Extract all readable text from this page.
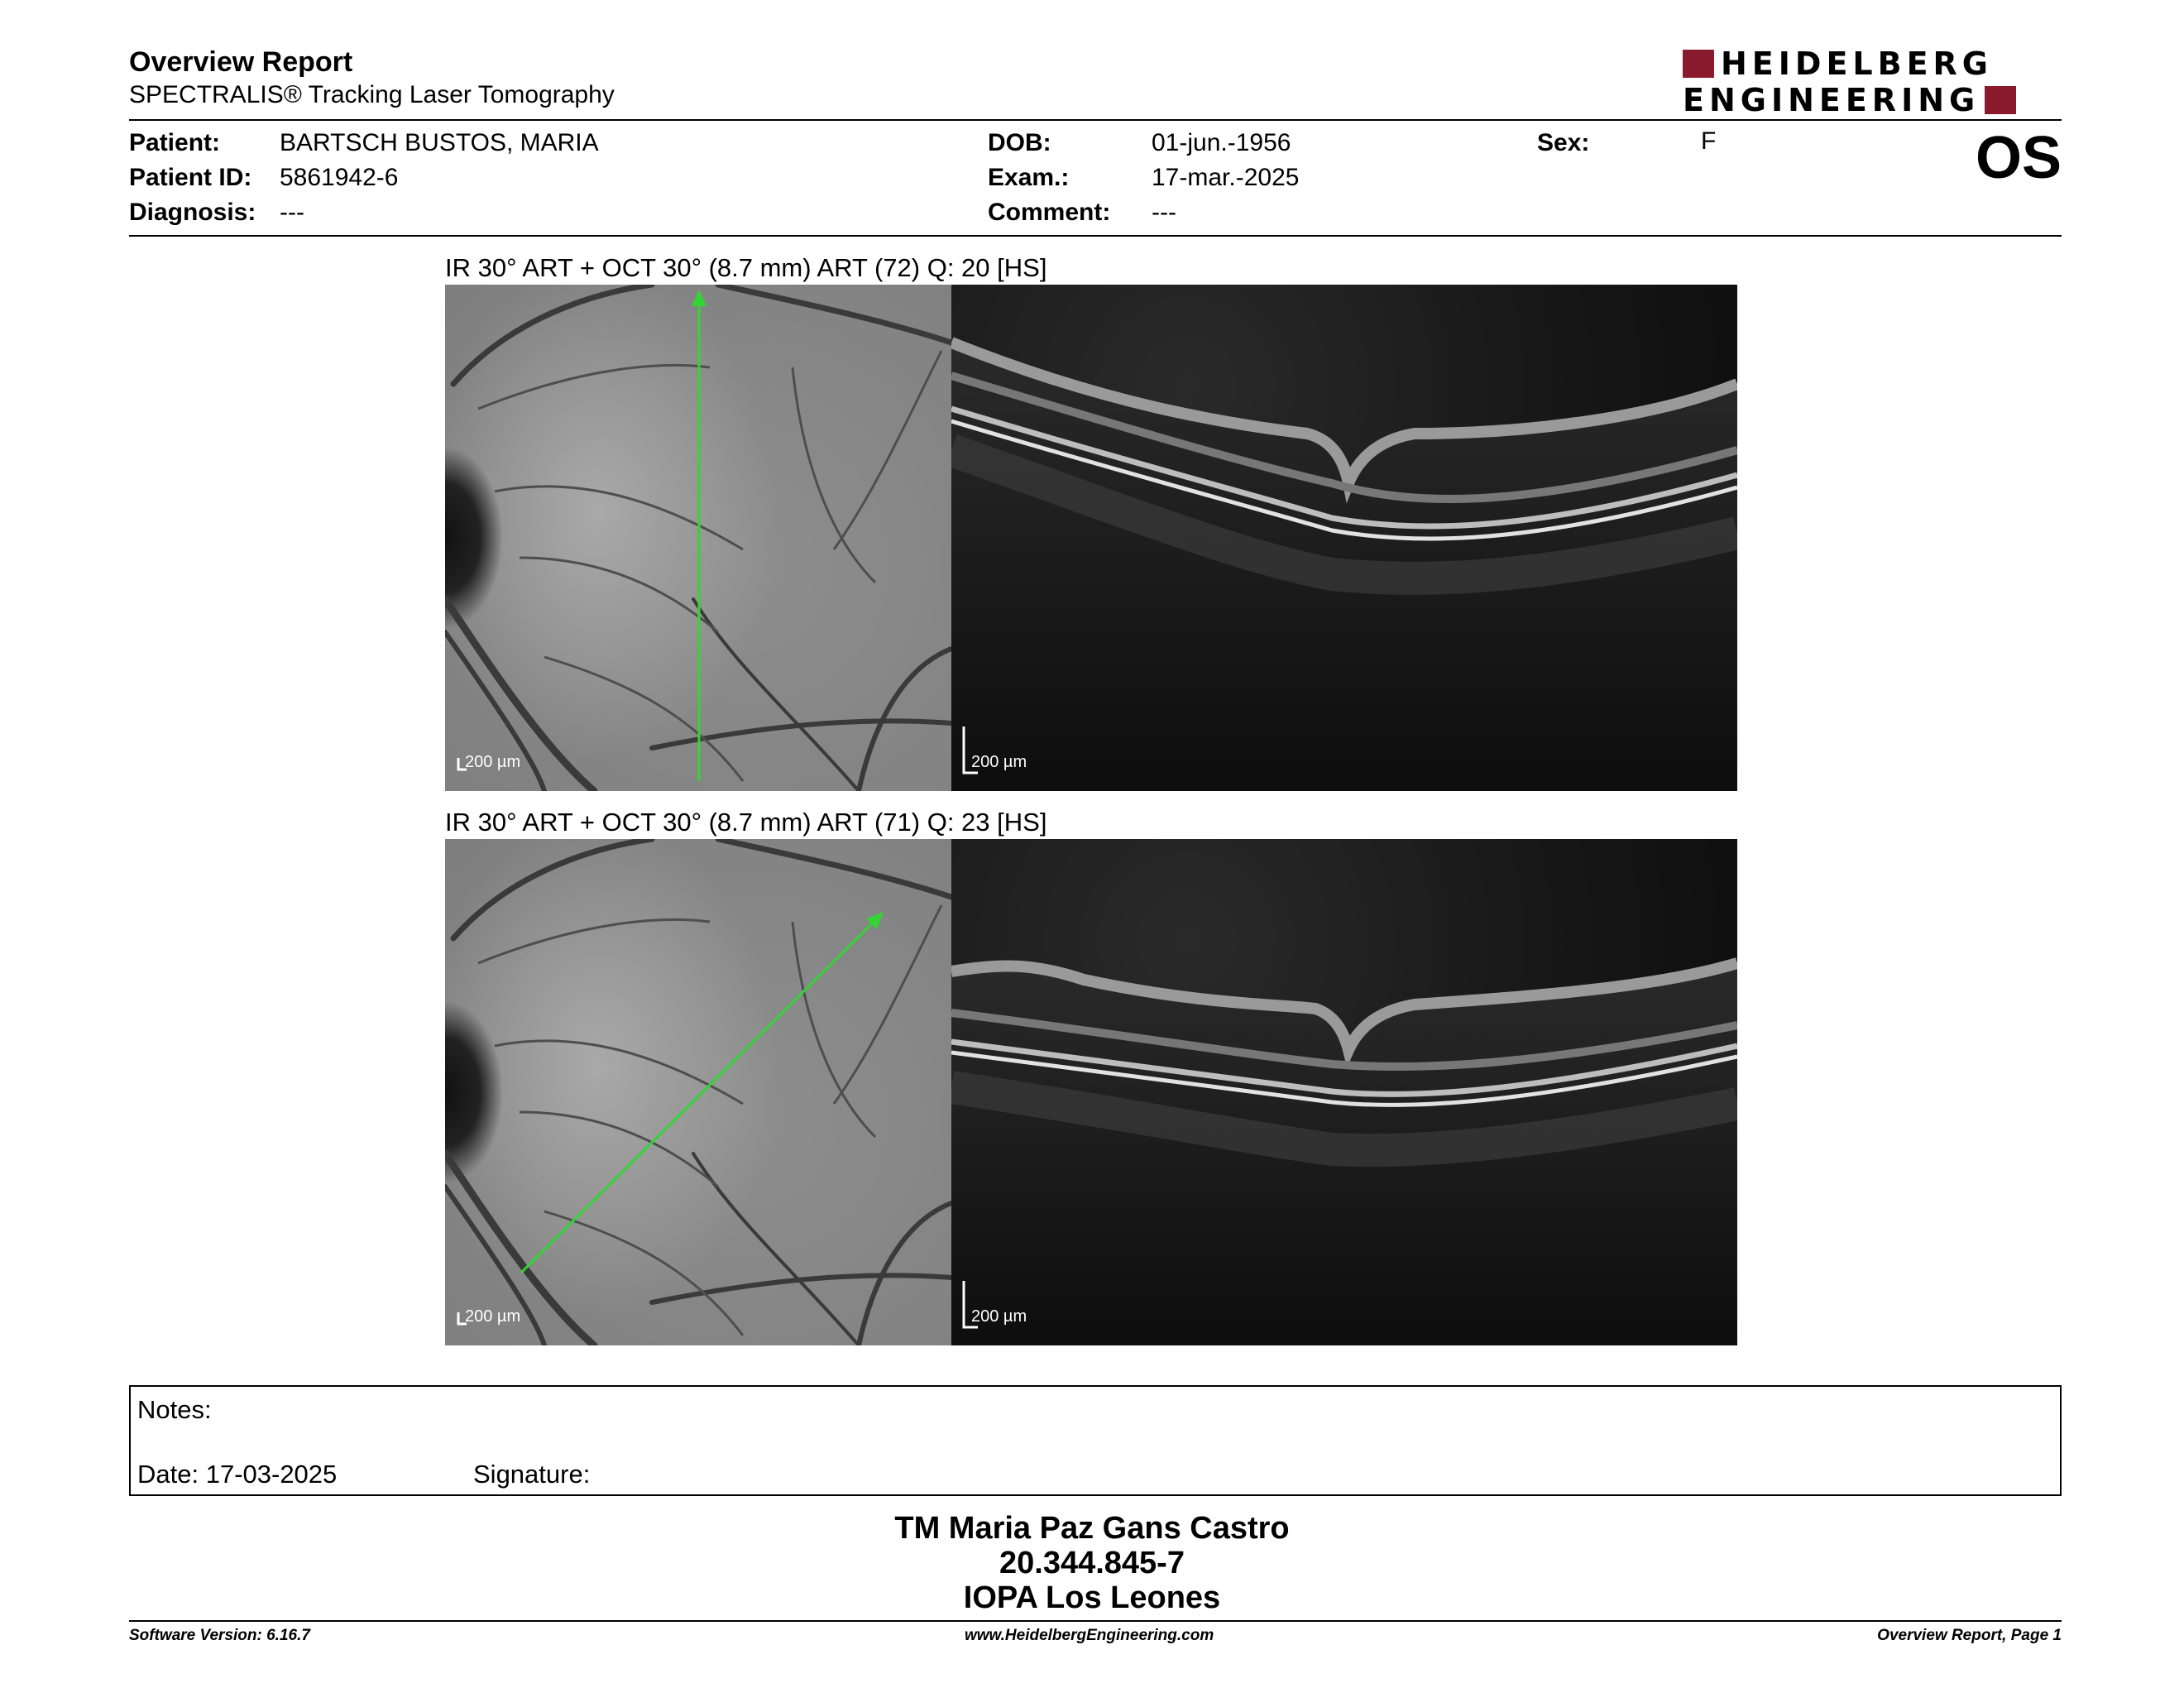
Overview Report
SPECTRALIS® Tracking Laser Tomography
HEIDELBERG
ENGINEERING
Patient: BARTSCH BUSTOS, MARIA
Patient ID: 5861942-6
Diagnosis: ---
DOB:	01-jun.-1956
Exam.:	17-mar.-2025
Comment: ---
Sex:	F	OS
IR 30° ART + OCT 30° (8.7 mm) ART (72) Q: 20 [HS]
200 µm	200 µm
IR 30° ART + OCT 30° (8.7 mm) ART (71) Q: 23 [HS]
200 µm	200 µm
Notes:
Date: 17-03-2025	Signature:
TM Maria Paz Gans Castro
20.344.845-7
IOPA Los Leones
Software Version: 6.16.7	www.HeidelbergEngineering.com	Overview Report, Page 1
